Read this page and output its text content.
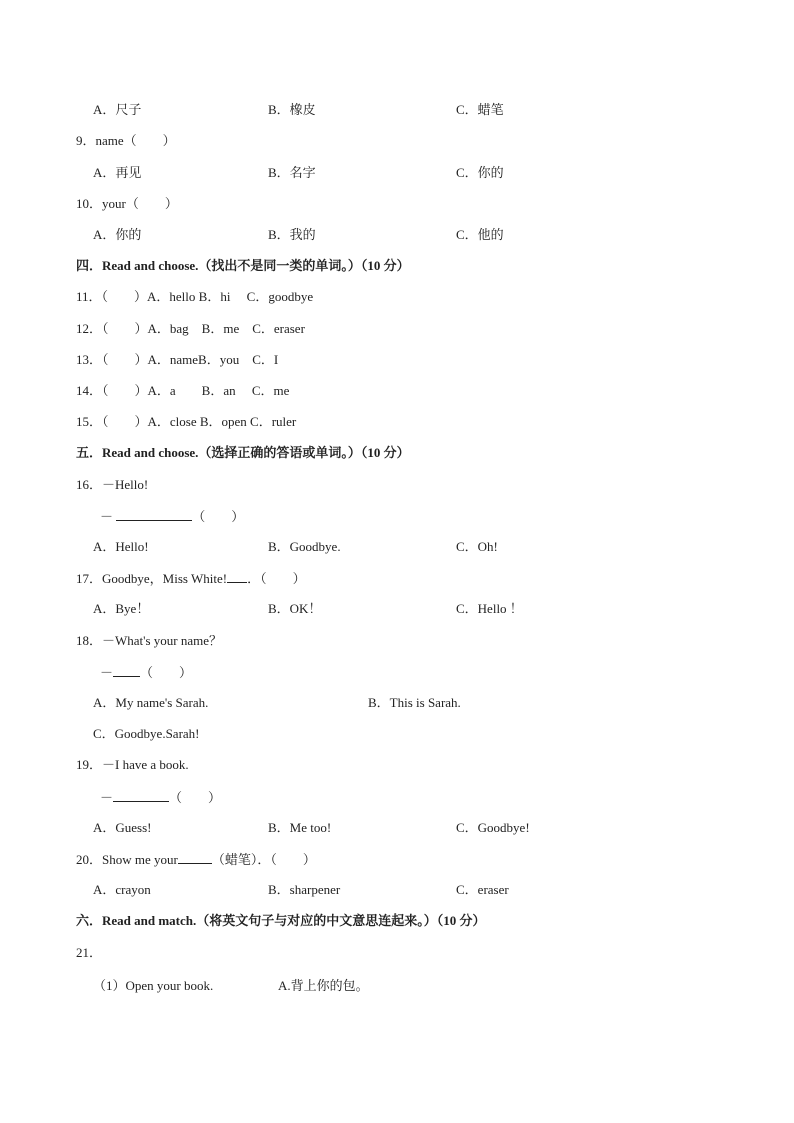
A．尺子	B．橡皮	C．蜡笔
9．name（　　）
A．再见	B．名字	C．你的
10．your（　　）
A．你的	B．我的	C．他的
四．Read and choose.（找出不是同一类的单词。）（10 分）
11．（　　）A．hello B．hi　 C．goodbye
12．（　　）A．bag　B．me　C．eraser
13．（　　）A．nameB．you　C．I
14．（　　）A．a　　B．an　 C．me
15．（　　）A．close B．open C．ruler
五．Read and choose.（选择正确的答语或单词。）（10 分）
16．－Hello!
－	（　　）
A．Hello!	B．Goodbye.	C．Oh!
17．Goodbye，Miss White! ．（　　）
A．Bye！	B．OK！	C．Hello ！
18．－What's your name？
－ （　　）
A．My name's Sarah.	B．This is Sarah.
C．Goodbye.Sarah!
19．－I have a book.
－	（　　）
A．Guess!	B．Me too!	C．Goodbye!
20．Show me your	（蜡笔）．（　　）
A．crayon	B．sharpener	C．eraser
六．Read and match.（将英文句子与对应的中文意思连起来。）（10 分）
21．
（1）Open your book.	A.背上你的包。
